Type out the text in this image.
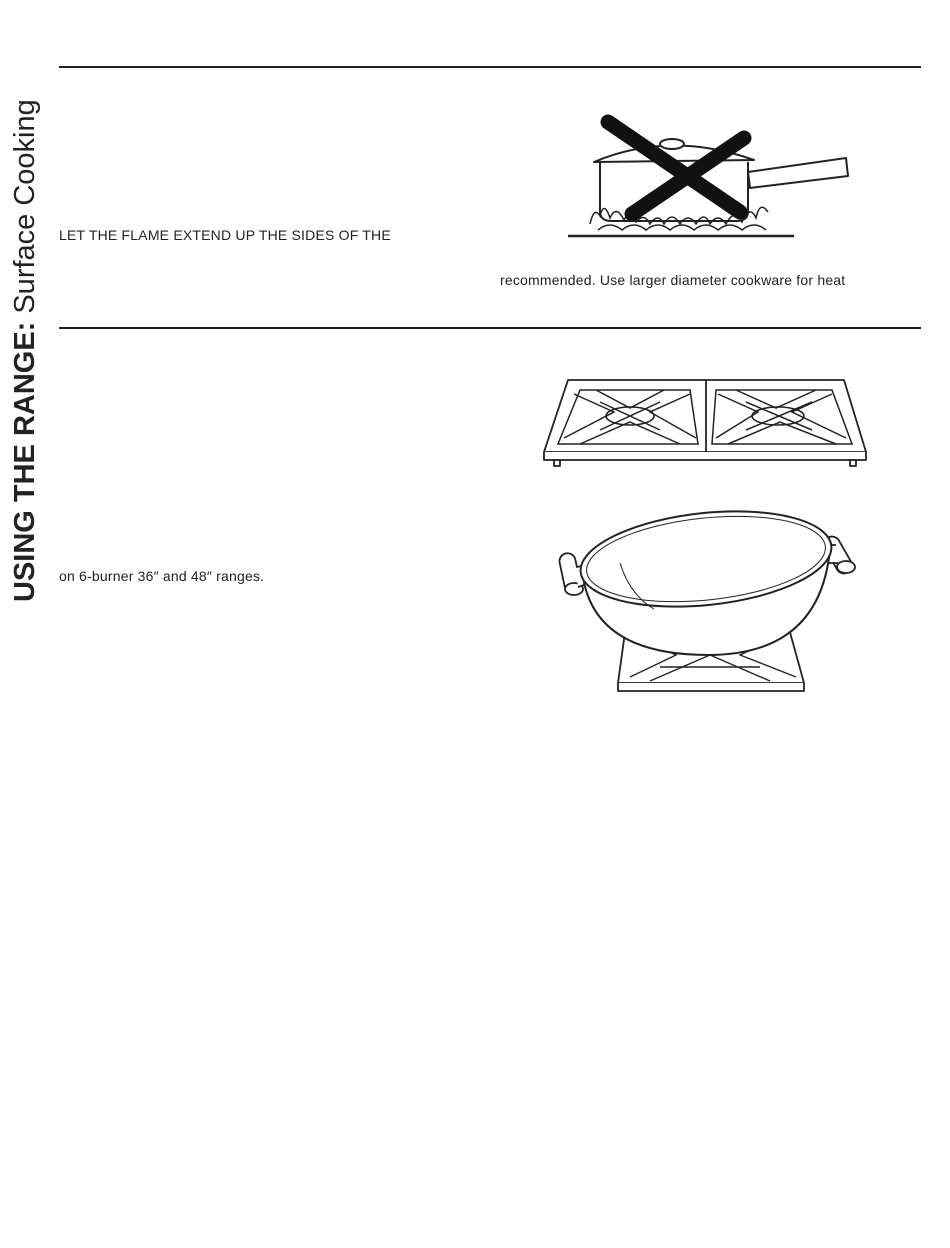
USING THE RANGE:Surface Cooking LET THE FLAME EXTEND UP THE SIDES OF THE
recommended. Use larger diameter cookware for heat
on 6-burner 36″ and 48″ ranges.
